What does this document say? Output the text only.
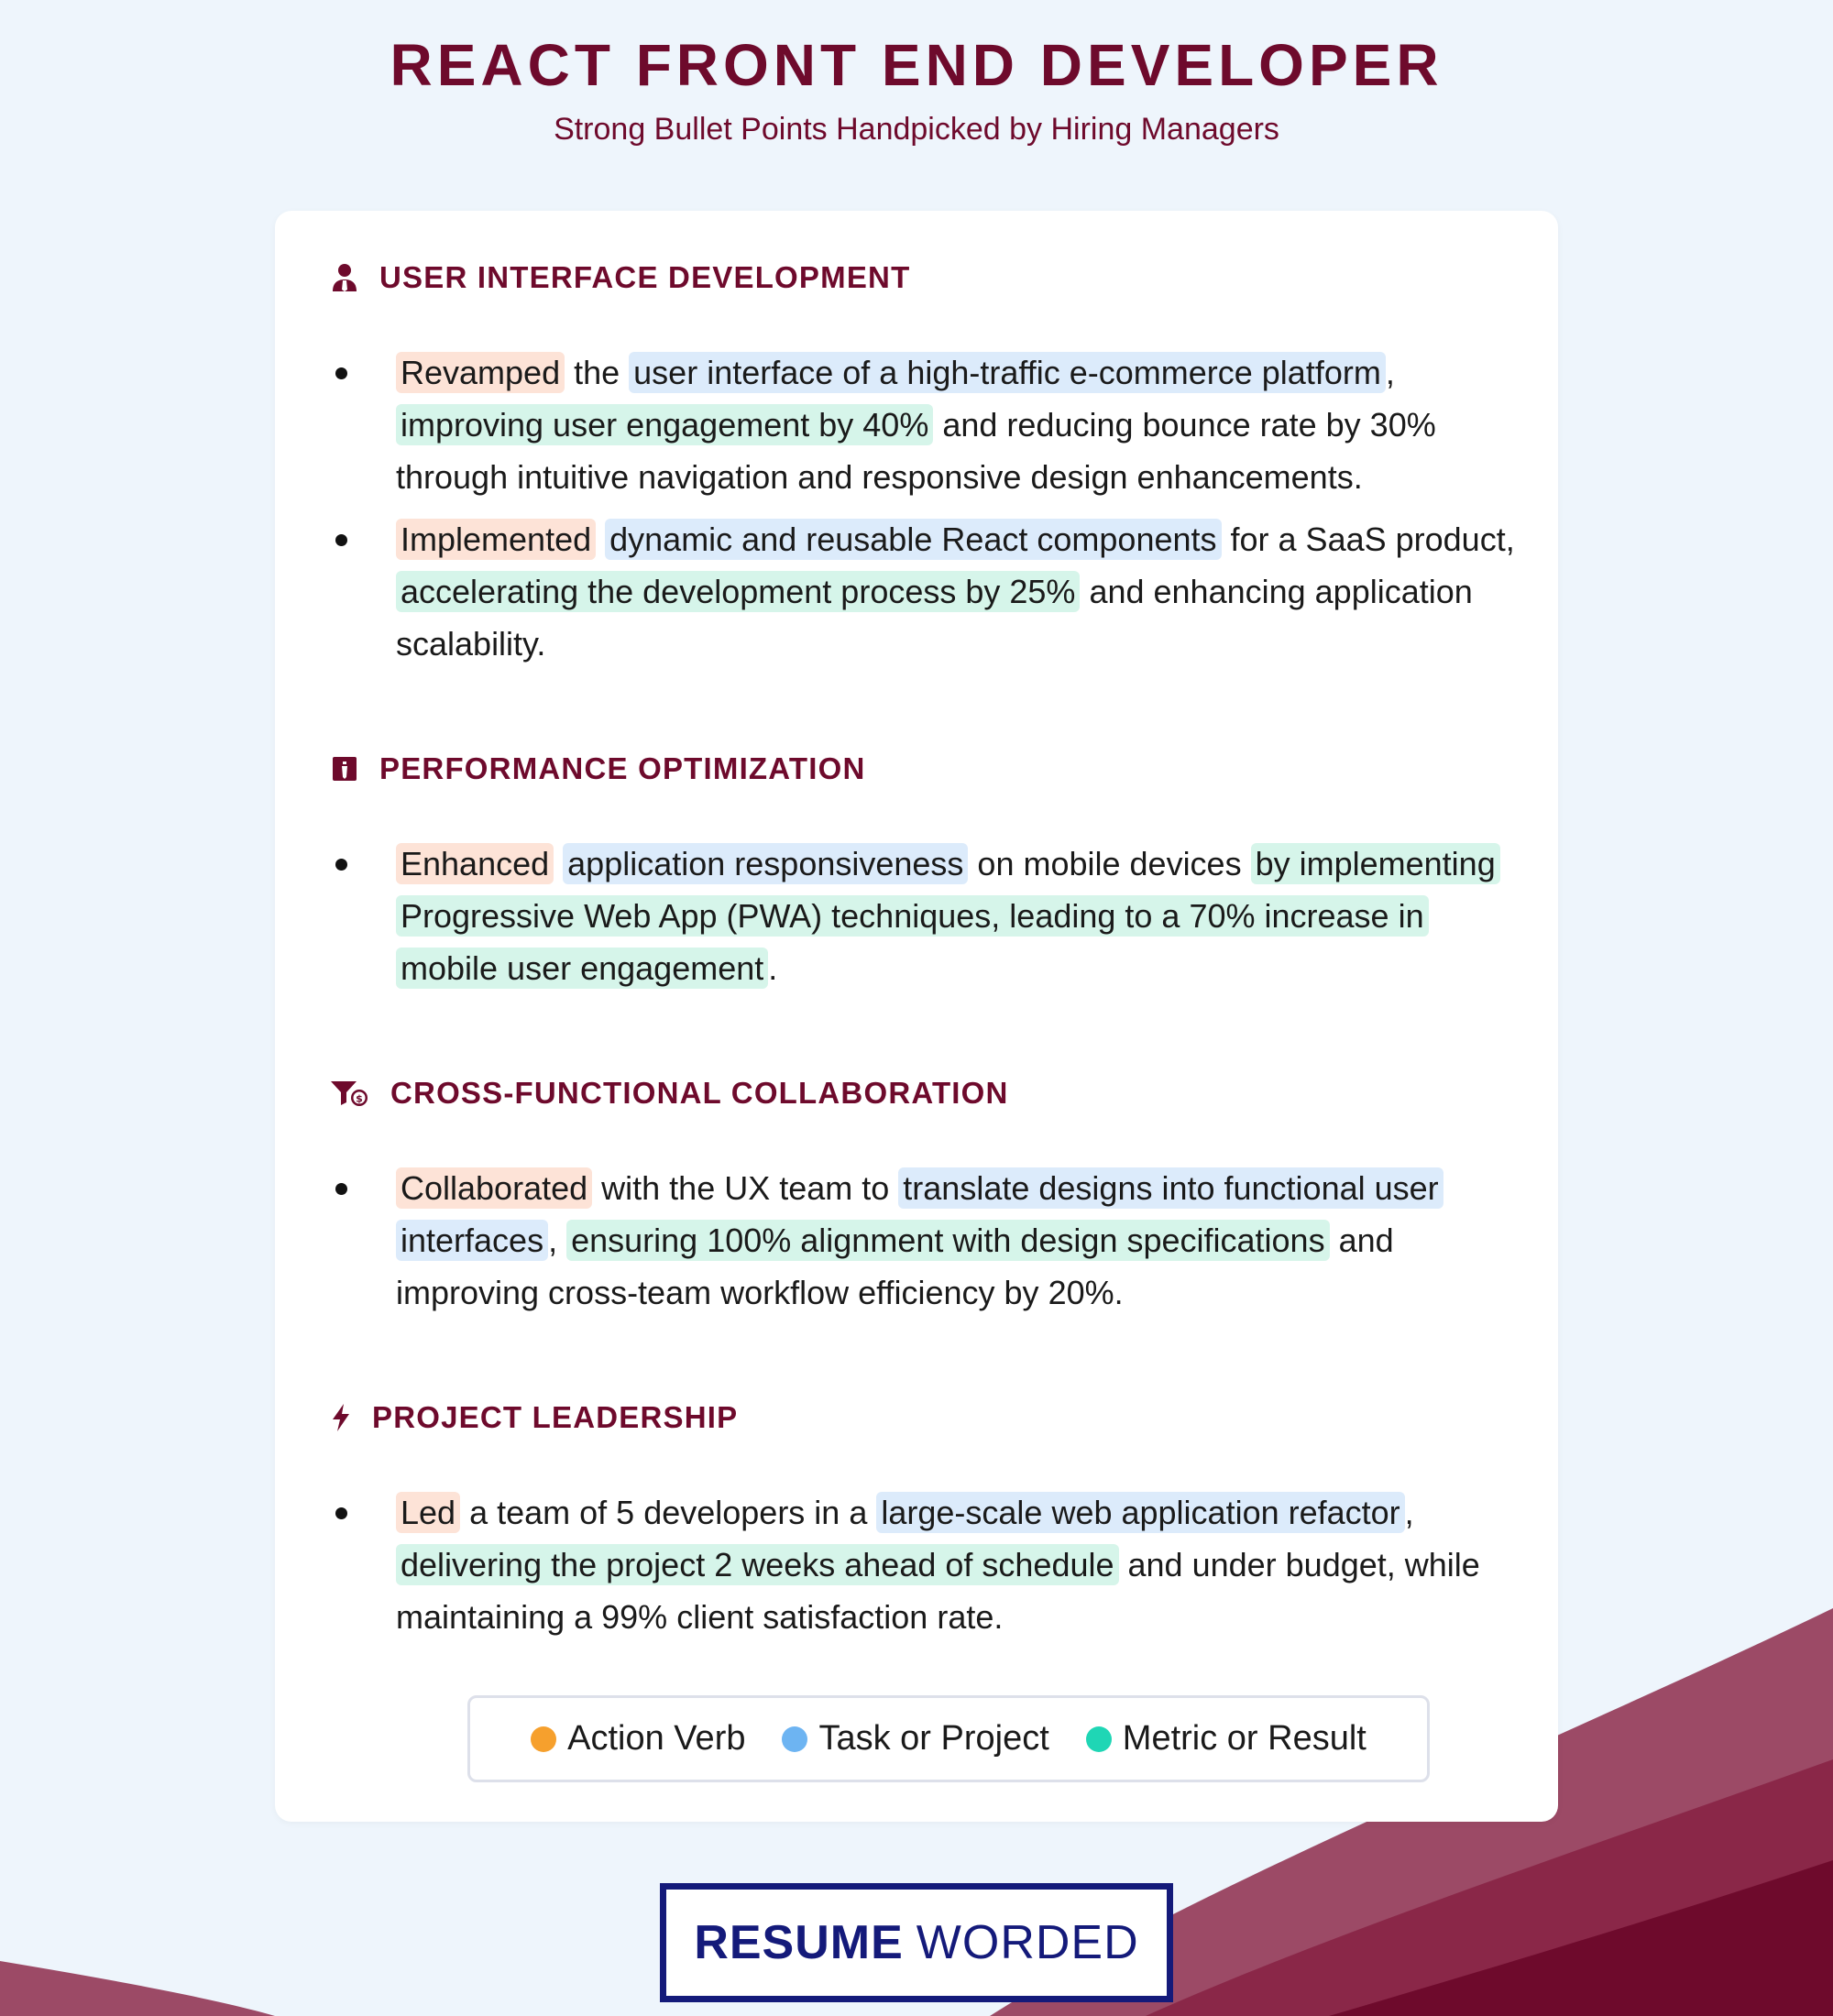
REACT FRONT END DEVELOPER

Strong Bullet Points Handpicked by Hiring Managers

USER INTERFACE DEVELOPMENT
Revamped the user interface of a high-traffic e-commerce platform , improving user engagement by 40% and reducing bounce rate by 30% through intuitive navigation and responsive design enhancements.
Implemented dynamic and reusable React components for a SaaS product, accelerating the development process by 25% and enhancing application scalability.
PERFORMANCE OPTIMIZATION
Enhanced application responsiveness on mobile devices by implementing Progressive Web App (PWA) techniques, leading to a 70% increase in mobile user engagement .
$ CROSS-FUNCTIONAL COLLABORATION
Collaborated with the UX team to translate designs into functional user interfaces , ensuring 100% alignment with design specifications and improving cross-team workflow efficiency by 20%.
PROJECT LEADERSHIP
Led a team of 5 developers in a large-scale web application refactor , delivering the project 2 weeks ahead of schedule and under budget, while maintaining a 99% client satisfaction rate.
Action Verb Task or Project Metric or Result
RESUME WORDED
